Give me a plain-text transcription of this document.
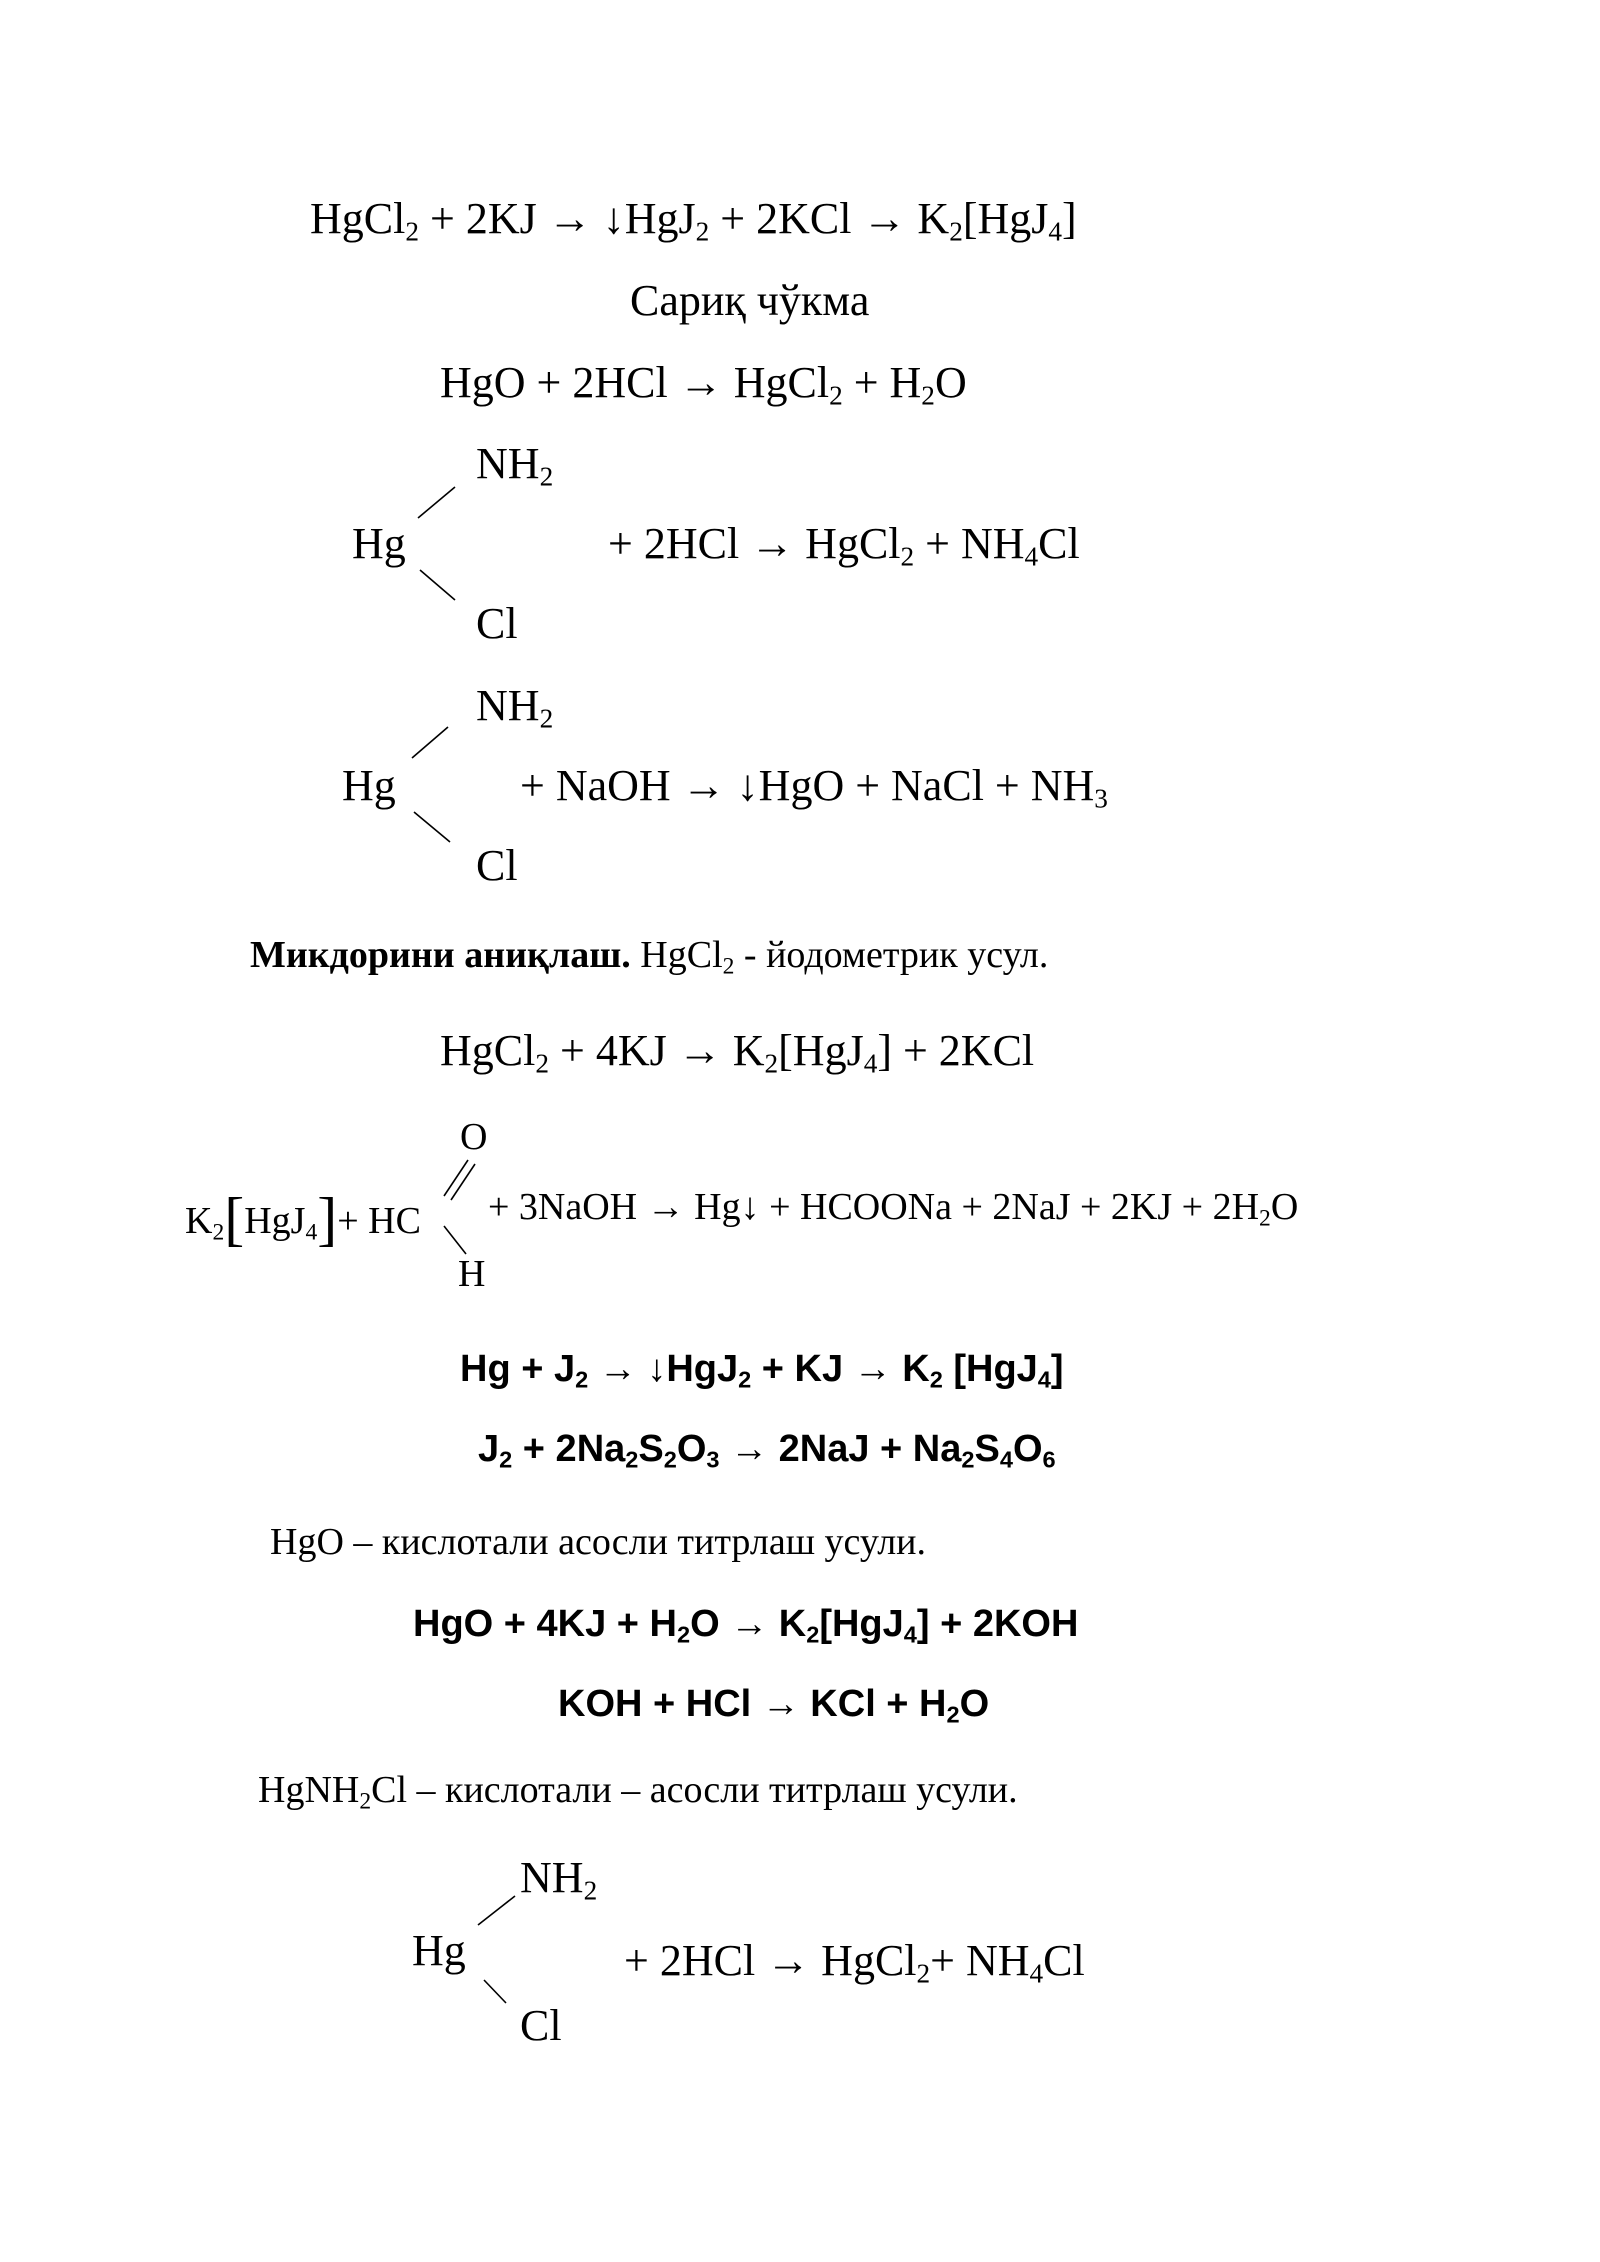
HgCl$_2$ + 2KJ → ↓HgJ$_2$ + $2KCl \to K_2[HgJ_4]$
Сариқ чўкма
HgO + 2HCl → HgCl$_2$ + $H_2O$
$NH_2$
Hg
Cl
+ 2HCl → HgCl$_2$ + $NH_4Cl$
$NH_2$
Hg
Cl
+ NaOH → ↓HgO + NaCl + $NH_3$
Микдорини аниқлаш. HgCl$_2$ - йодометрик усул.
HgCl$_2$ + $4KJ \to K_2[HgJ_4] + 2KCl$
O
H
$K_2[HgJ_4]+$ HC + 3NaOH → Hg↓ + HCOONa + $2NaJ + 2KJ + 2H_2O$
$Hg + J_2$ → ↓HgJ$_2$ + KJ → $K_2$ [HgJ$_4$]
$J_2 + 2Na_2S_2O_3 \to 2NaJ + Na_2S_4O_6$
HgO – кислотали асосли титрлаш усули.
HgO + $4KJ + H_2O \to K_2[HgJ_4] + 2KOH$
KOH + HCl → KCl + $H_2O$
HgNH$_2$Cl – кислотали – асосли титрлаш усули.
$NH_2$
Hg
Cl
+ 2HCl → HgCl$_2$+ $NH_4Cl$
